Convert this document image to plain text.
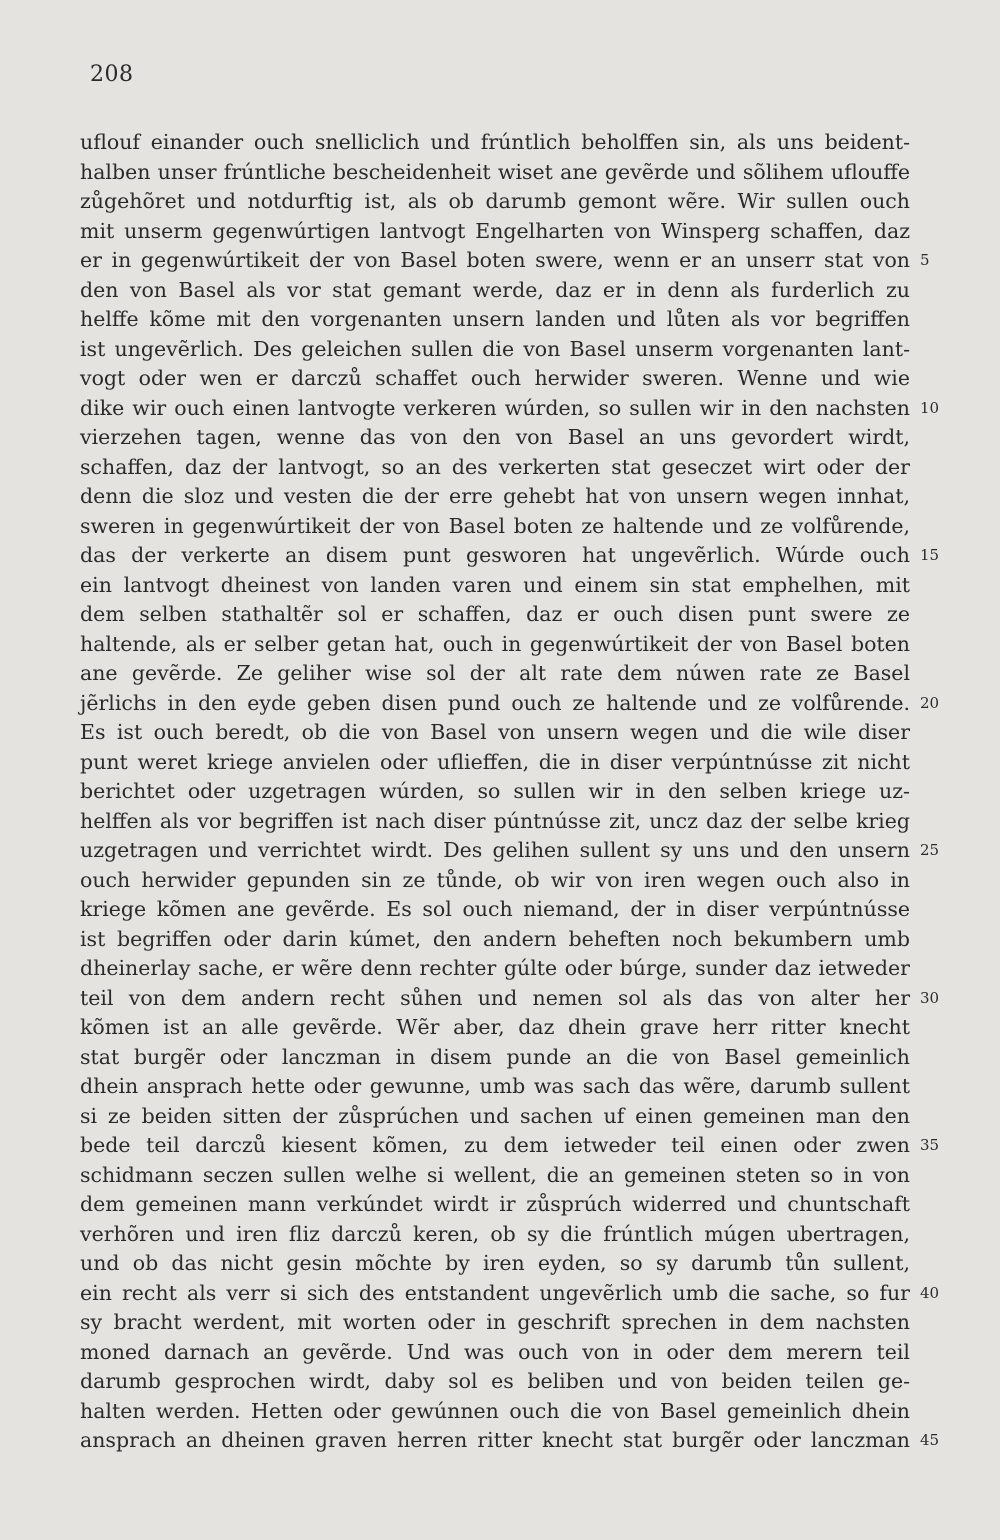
208
uflouf einander ouch snelliclich und frúntlich beholffen sin, als uns beident-
halben unser frúntliche bescheidenheit wiset ane gevẽrde und sõlihem uflouffe
zůgehõret und notdurftig ist, als ob darumb gemont wẽre. Wir sullen ouch
mit unserm gegenwúrtigen lantvogt Engelharten von Winsperg schaffen, daz
er in gegenwúrtikeit der von Basel boten swere, wenn er an unserr stat von 5
den von Basel als vor stat gemant werde, daz er in denn als furderlich zu
helffe kõme mit den vorgenanten unsern landen und lůten als vor begriffen
ist ungevẽrlich. Des geleichen sullen die von Basel unserm vorgenanten lant-
vogt oder wen er darczů schaffet ouch herwider sweren. Wenne und wie
dike wir ouch einen lantvogte verkeren wúrden, so sullen wir in den nachsten 10
vierzehen tagen, wenne das von den von Basel an uns gevordert wirdt,
schaffen, daz der lantvogt, so an des verkerten stat geseczet wirt oder der
denn die sloz und vesten die der erre gehebt hat von unsern wegen innhat,
sweren in gegenwúrtikeit der von Basel boten ze haltende und ze volfůrende,
das der verkerte an disem punt gesworen hat ungevẽrlich. Wúrde ouch 15
ein lantvogt dheinest von landen varen und einem sin stat emphelhen, mit
dem selben stathaltẽr sol er schaffen, daz er ouch disen punt swere ze
haltende, als er selber getan hat, ouch in gegenwúrtikeit der von Basel boten
ane gevẽrde. Ze geliher wise sol der alt rate dem núwen rate ze Basel
jẽrlichs in den eyde geben disen pund ouch ze haltende und ze volfůrende. 20
Es ist ouch beredt, ob die von Basel von unsern wegen und die wile diser
punt weret kriege anvielen oder uflieffen, die in diser verpúntnússe zit nicht
berichtet oder uzgetragen wúrden, so sullen wir in den selben kriege uz-
helffen als vor begriffen ist nach diser púntnússe zit, uncz daz der selbe krieg
uzgetragen und verrichtet wirdt. Des gelihen sullent sy uns und den unsern 25
ouch herwider gepunden sin ze tůnde, ob wir von iren wegen ouch also in
kriege kõmen ane gevẽrde. Es sol ouch niemand, der in diser verpúntnússe
ist begriffen oder darin kúmet, den andern beheften noch bekumbern umb
dheinerlay sache, er wẽre denn rechter gúlte oder búrge, sunder daz ietweder
teil von dem andern recht sůhen und nemen sol als das von alter her 30
kõmen ist an alle gevẽrde. Wẽr aber, daz dhein grave herr ritter knecht
stat burgẽr oder lanczman in disem punde an die von Basel gemeinlich
dhein ansprach hette oder gewunne, umb was sach das wẽre, darumb sullent
si ze beiden sitten der zůsprúchen und sachen uf einen gemeinen man den
bede teil darczů kiesent kõmen, zu dem ietweder teil einen oder zwen 35
schidmann seczen sullen welhe si wellent, die an gemeinen steten so in von
dem gemeinen mann verkúndet wirdt ir zůsprúch widerred und chuntschaft
verhõren und iren fliz darczů keren, ob sy die frúntlich múgen ubertragen,
und ob das nicht gesin mõchte by iren eyden, so sy darumb tůn sullent,
ein recht als verr si sich des entstandent ungevẽrlich umb die sache, so fur 40
sy bracht werdent, mit worten oder in geschrift sprechen in dem nachsten
moned darnach an gevẽrde. Und was ouch von in oder dem merern teil
darumb gesprochen wirdt, daby sol es beliben und von beiden teilen ge-
halten werden. Hetten oder gewúnnen ouch die von Basel gemeinlich dhein
ansprach an dheinen graven herren ritter knecht stat burgẽr oder lanczman 45
